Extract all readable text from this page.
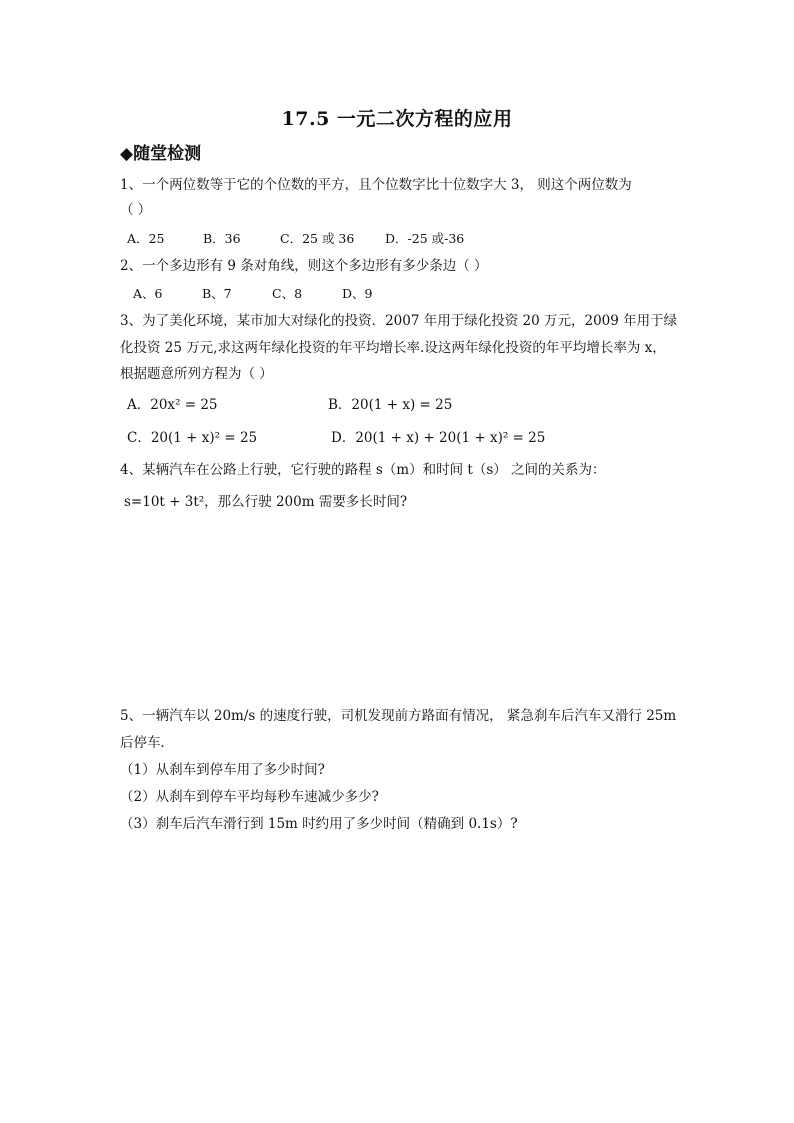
17.5 一元二次方程的应用
◆随堂检测
1、一个两位数等于它的个位数的平方，且个位数字比十位数字大 3， 则这个两位数为
（ ）
A．25	B．36	C．25 或 36 D．-25 或-36
2、一个多边形有 9 条对角线，则这个多边形有多少条边（ ）
A、6	B、7	C、8	D、9
3、为了美化环境，某市加大对绿化的投资．2007 年用于绿化投资 20 万元，2009 年用于绿
化投资 25 万元,求这两年绿化投资的年平均增长率.设这两年绿化投资的年平均增长率为 x，
根据题意所列方程为（ ）
A．20x² = 25	B．20(1 + x) = 25
C．20(1 + x)² = 25	D．20(1 + x) + 20(1 + x)² = 25
4、某辆汽车在公路上行驶，它行驶的路程 s（m）和时间 t（s） 之间的关系为：
s=10t + 3t²，那么行驶 200m 需要多长时间?
5、一辆汽车以 20m/s 的速度行驶，司机发现前方路面有情况， 紧急刹车后汽车又滑行 25m
后停车．
（1）从刹车到停车用了多少时间?
（2）从刹车到停车平均每秒车速减少多少?
（3）刹车后汽车滑行到 15m 时约用了多少时间（精确到 0.1s）?
